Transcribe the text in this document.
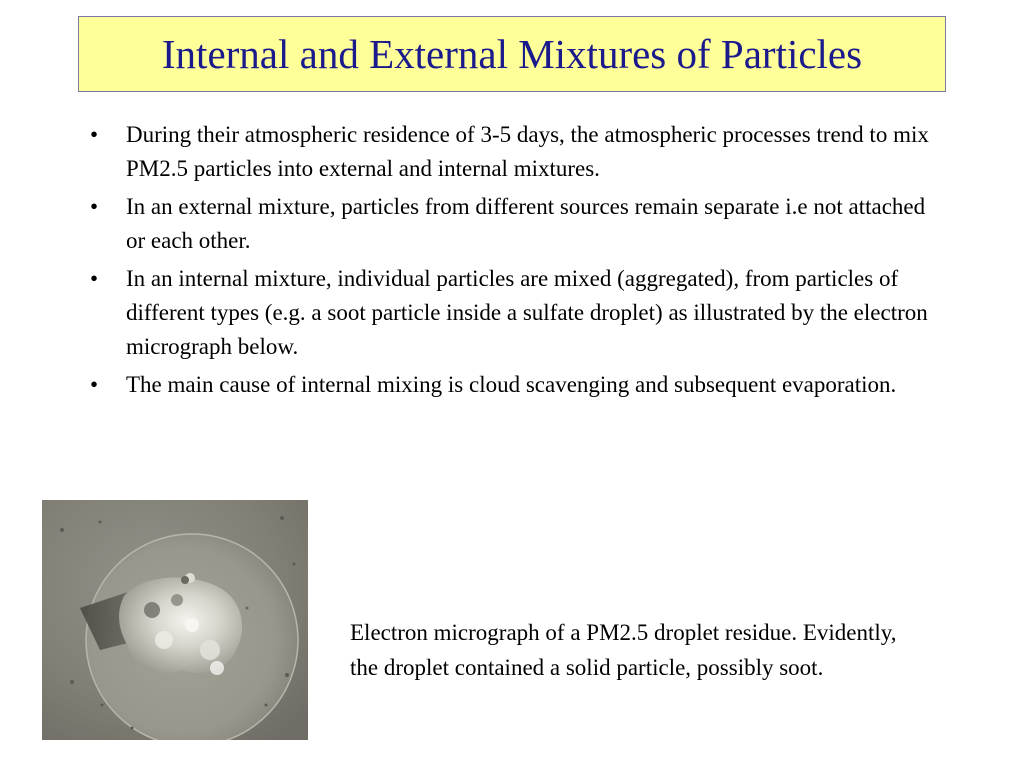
Internal and External Mixtures of Particles
• During their atmospheric residence of 3-5 days, the atmospheric processes trend to mix PM2.5 particles into external and internal mixtures.
• In an external mixture, particles from different sources remain separate i.e not attached or each other.
• In an internal mixture, individual particles are mixed (aggregated), from particles of different types (e.g. a soot particle inside a sulfate droplet) as illustrated by the electron micrograph below.
• The main cause of internal mixing is cloud scavenging and subsequent evaporation.

Electron micrograph of a PM2.5 droplet residue. Evidently, the droplet contained a solid particle, possibly soot.
